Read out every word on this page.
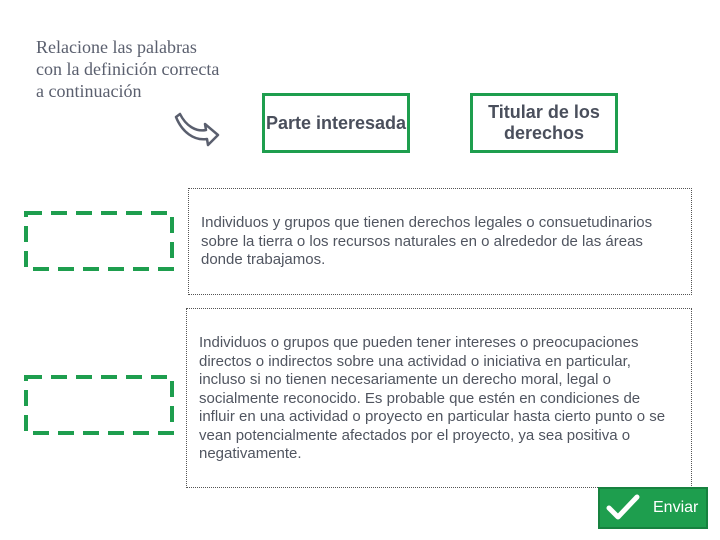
Relacione las palabras con la definición correcta a continuación
Parte interesada
Titular de los derechos
Individuos y grupos que tienen derechos legales o consuetudinarios sobre la tierra o los recursos naturales en o alrededor de las áreas donde trabajamos.
Individuos o grupos que pueden tener intereses o preocupaciones directos o indirectos sobre una actividad o iniciativa en particular, incluso si no tienen necesariamente un derecho moral, legal o socialmente reconocido. Es probable que estén en condiciones de influir en una actividad o proyecto en particular hasta cierto punto o se vean potencialmente afectados por el proyecto, ya sea positiva o negativamente.
Enviar
